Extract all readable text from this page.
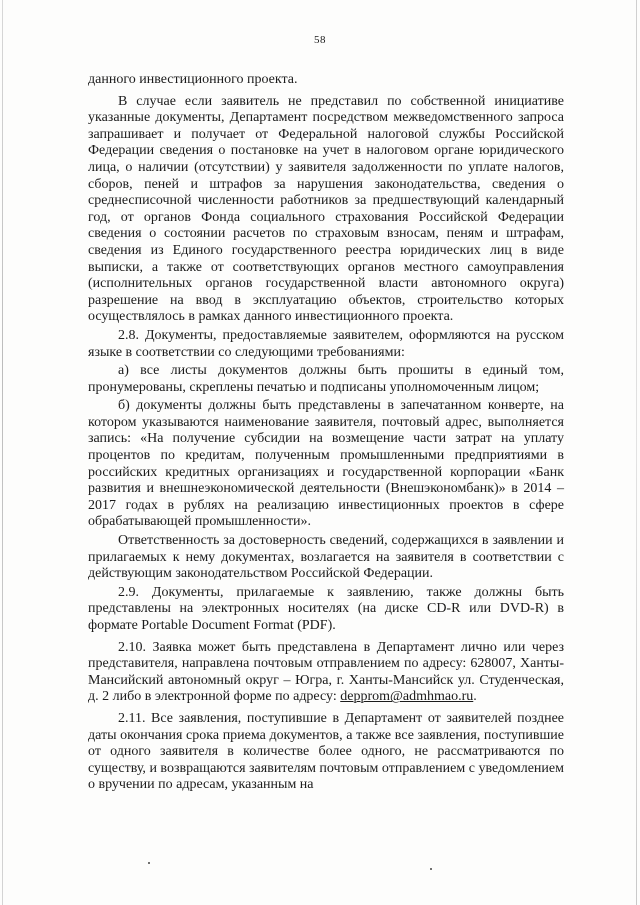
58

данного инвестиционного проекта.

В случае если заявитель не представил по собственной инициативе указанные документы, Департамент посредством межведомственного запроса запрашивает и получает от Федеральной налоговой службы Российской Федерации сведения о постановке на учет в налоговом органе юридического лица, о наличии (отсутствии) у заявителя задолженности по уплате налогов, сборов, пеней и штрафов за нарушения законодательства, сведения о среднесписочной численности работников за предшествующий календарный год, от органов Фонда социального страхования Российской Федерации сведения о состоянии расчетов по страховым взносам, пеням и штрафам, сведения из Единого государственного реестра юридических лиц в виде выписки, а также от соответствующих органов местного самоуправления (исполнительных органов государственной власти автономного округа) разрешение на ввод в эксплуатацию объектов, строительство которых осуществлялось в рамках данного инвестиционного проекта.

2.8. Документы, предоставляемые заявителем, оформляются на русском языке в соответствии со следующими требованиями:

а) все листы документов должны быть прошиты в единый том, пронумерованы, скреплены печатью и подписаны уполномоченным лицом;

б) документы должны быть представлены в запечатанном конверте, на котором указываются наименование заявителя, почтовый адрес, выполняется запись: «На получение субсидии на возмещение части затрат на уплату процентов по кредитам, полученным промышленными предприятиями в российских кредитных организациях и государственной корпорации «Банк развития и внешнеэкономической деятельности (Внешэкономбанк)» в 2014 – 2017 годах в рублях на реализацию инвестиционных проектов в сфере обрабатывающей промышленности».

Ответственность за достоверность сведений, содержащихся в заявлении и прилагаемых к нему документах, возлагается на заявителя в соответствии с действующим законодательством Российской Федерации.

2.9. Документы, прилагаемые к заявлению, также должны быть представлены на электронных носителях (на диске CD-R или DVD-R) в формате Portable Document Format (PDF).

2.10. Заявка может быть представлена в Департамент лично или через представителя, направлена почтовым отправлением по адресу: 628007, Ханты-Мансийский автономный округ – Югра, г. Ханты-Мансийск ул. Студенческая, д. 2 либо в электронной форме по адресу: depprom@admhmao.ru.

2.11. Все заявления, поступившие в Департамент от заявителей позднее даты окончания срока приема документов, а также все заявления, поступившие от одного заявителя в количестве более одного, не рассматриваются по существу, и возвращаются заявителям почтовым отправлением с уведомлением о вручении по адресам, указанным на
